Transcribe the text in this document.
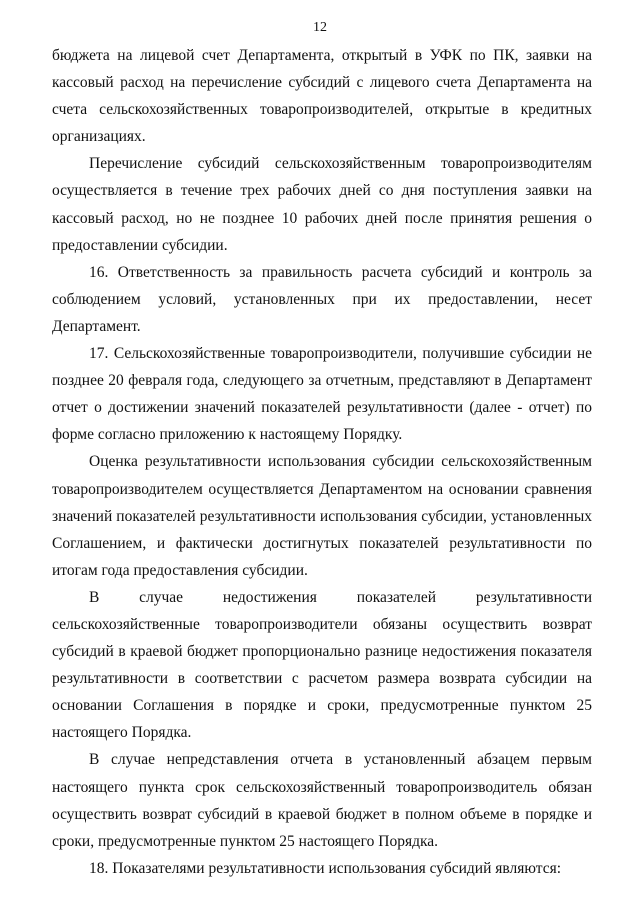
12

бюджета на лицевой счет Департамента, открытый в УФК по ПК, заявки на кассовый расход на перечисление субсидий с лицевого счета Департамента на счета сельскохозяйственных товаропроизводителей, открытые в кредитных организациях.

Перечисление субсидий сельскохозяйственным товаропроизводителям осуществляется в течение трех рабочих дней со дня поступления заявки на кассовый расход, но не позднее 10 рабочих дней после принятия решения о предоставлении субсидии.

16. Ответственность за правильность расчета субсидий и контроль за соблюдением условий, установленных при их предоставлении, несет Департамент.

17. Сельскохозяйственные товаропроизводители, получившие субсидии не позднее 20 февраля года, следующего за отчетным, представляют в Департамент отчет о достижении значений показателей результативности (далее - отчет) по форме согласно приложению к настоящему Порядку.

Оценка результативности использования субсидии сельскохозяйственным товаропроизводителем осуществляется Департаментом на основании сравнения значений показателей результативности использования субсидии, установленных Соглашением, и фактически достигнутых показателей результативности по итогам года предоставления субсидии.

В случае недостижения показателей результативности сельскохозяйственные товаропроизводители обязаны осуществить возврат субсидий в краевой бюджет пропорционально разнице недостижения показателя результативности в соответствии с расчетом размера возврата субсидии на основании Соглашения в порядке и сроки, предусмотренные пунктом 25 настоящего Порядка.

В случае непредставления отчета в установленный абзацем первым настоящего пункта срок сельскохозяйственный товаропроизводитель обязан осуществить возврат субсидий в краевой бюджет в полном объеме в порядке и сроки, предусмотренные пунктом 25 настоящего Порядка.

18. Показателями результативности использования субсидий являются:
